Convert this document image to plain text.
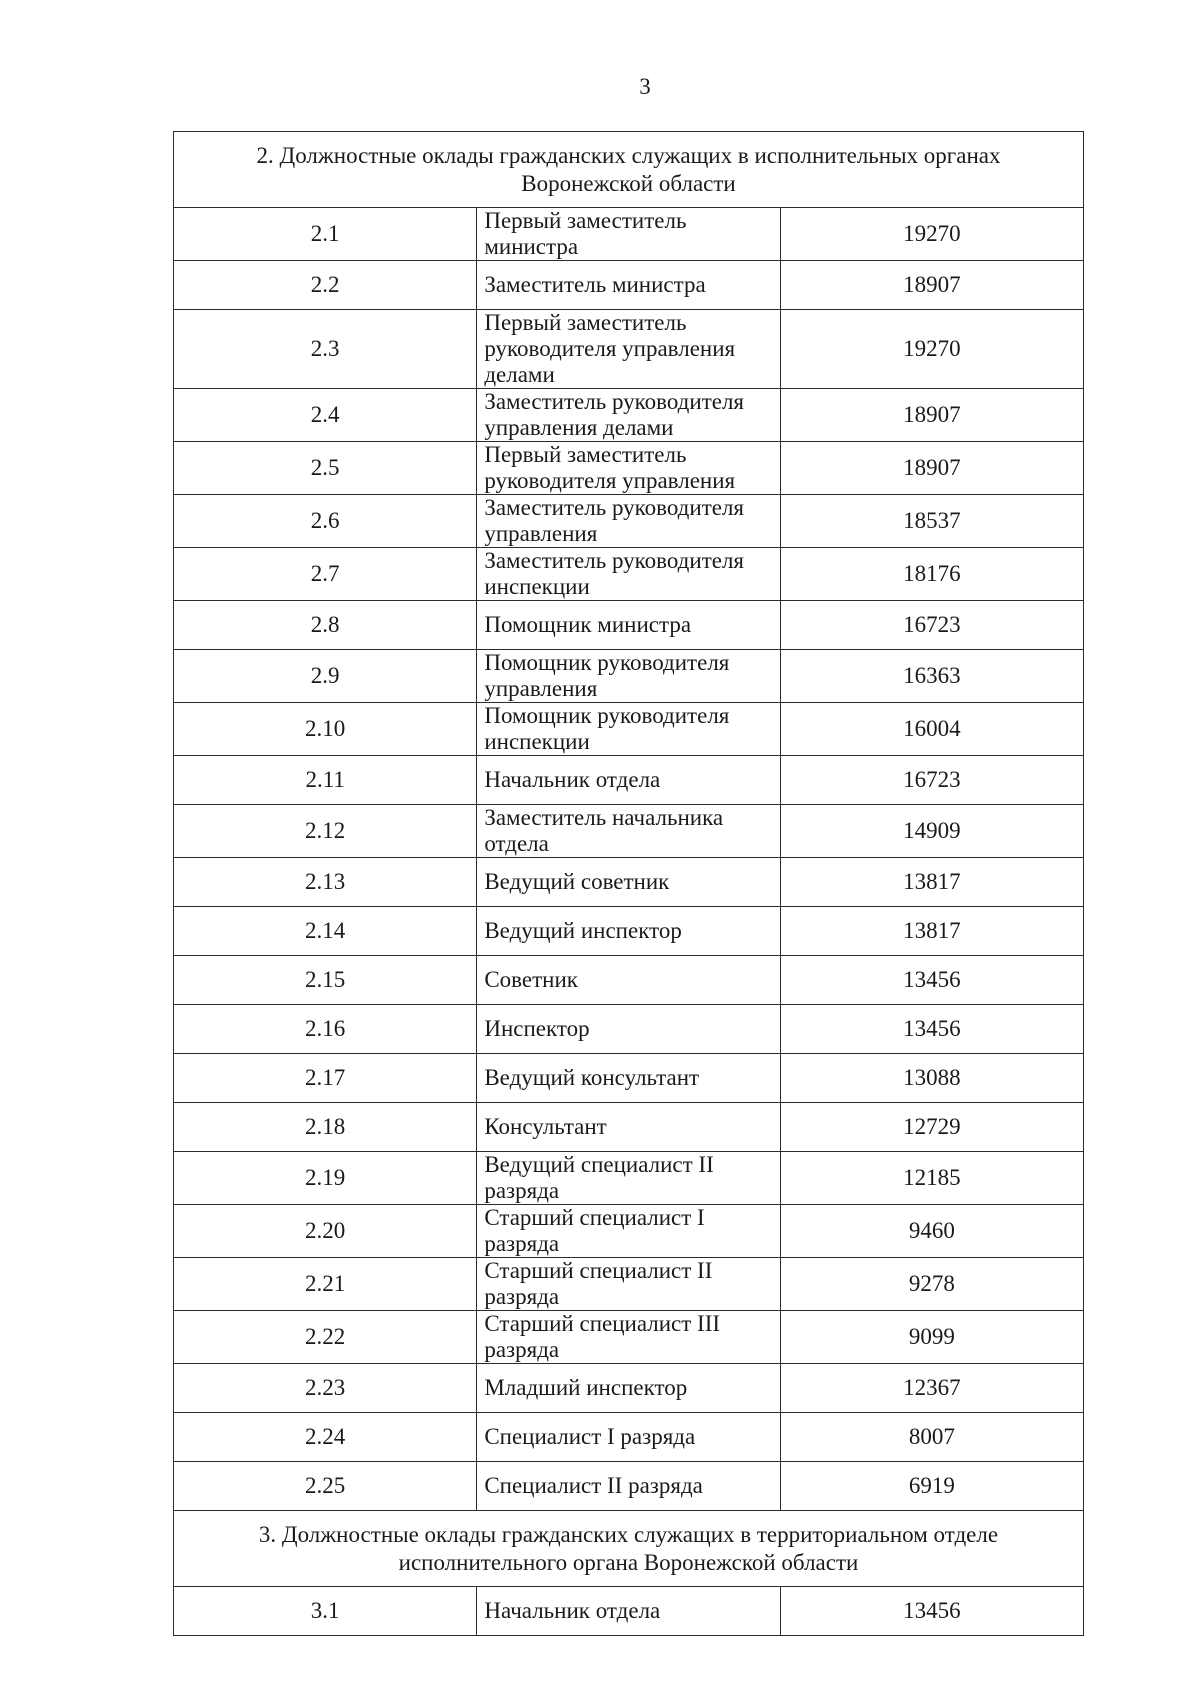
3
2. Должностные оклады гражданских служащих в исполнительных органах Воронежской области		
2.1	Первый заместитель министра	19270
2.2	Заместитель министра	18907
2.3	Первый заместитель руководителя управления делами	19270
2.4	Заместитель руководителя управления делами	18907
2.5	Первый заместитель руководителя управления	18907
2.6	Заместитель руководителя управления	18537
2.7	Заместитель руководителя инспекции	18176
2.8	Помощник министра	16723
2.9	Помощник руководителя управления	16363
2.10	Помощник руководителя инспекции	16004
2.11	Начальник отдела	16723
2.12	Заместитель начальника отдела	14909
2.13	Ведущий советник	13817
2.14	Ведущий инспектор	13817
2.15	Советник	13456
2.16	Инспектор	13456
2.17	Ведущий консультант	13088
2.18	Консультант	12729
2.19	Ведущий специалист II разряда	12185
2.20	Старший специалист I разряда	9460
2.21	Старший специалист II разряда	9278
2.22	Старший специалист III разряда	9099
2.23	Младший инспектор	12367
2.24	Специалист I разряда	8007
2.25	Специалист II разряда	6919
3. Должностные оклады гражданских служащих в территориальном отделе исполнительного органа Воронежской области		
3.1	Начальник отдела	13456
